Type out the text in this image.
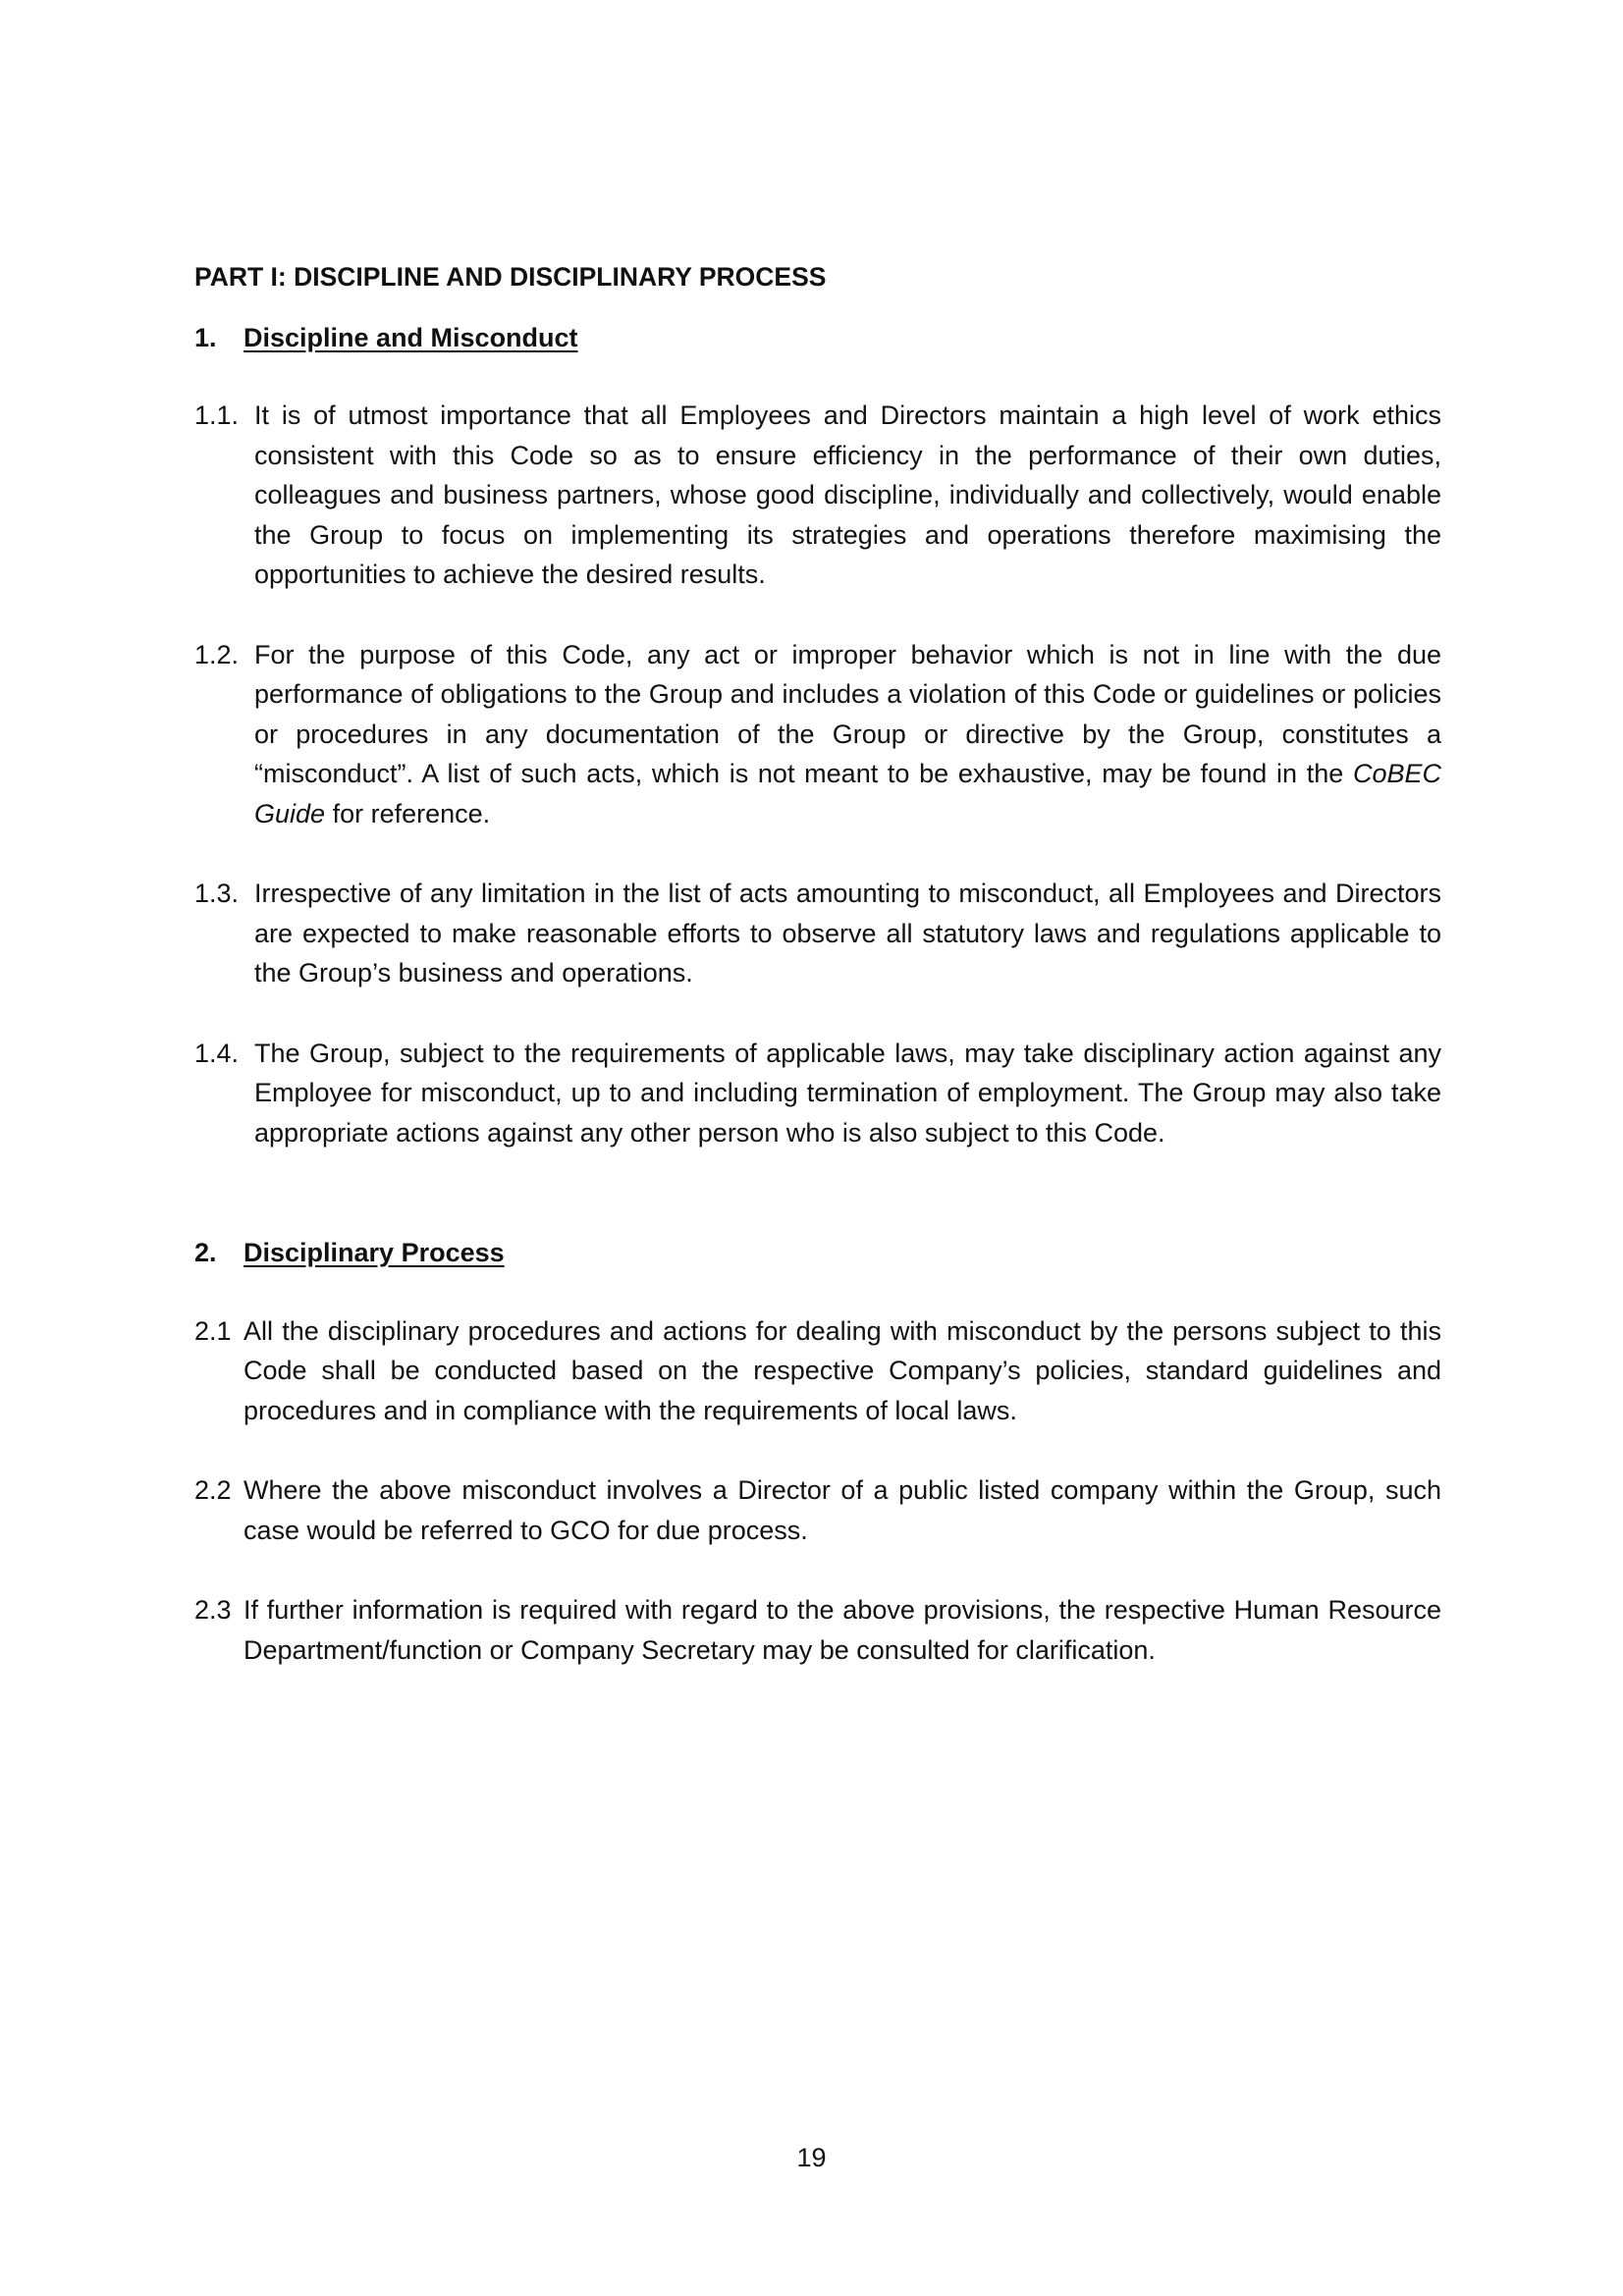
PART I: DISCIPLINE AND DISCIPLINARY PROCESS
1.	Discipline and Misconduct
1.1. It is of utmost importance that all Employees and Directors maintain a high level of work ethics consistent with this Code so as to ensure efficiency in the performance of their own duties, colleagues and business partners, whose good discipline, individually and collectively, would enable the Group to focus on implementing its strategies and operations therefore maximising the opportunities to achieve the desired results.
1.2. For the purpose of this Code, any act or improper behavior which is not in line with the due performance of obligations to the Group and includes a violation of this Code or guidelines or policies or procedures in any documentation of the Group or directive by the Group, constitutes a “misconduct”. A list of such acts, which is not meant to be exhaustive, may be found in the CoBEC Guide for reference.
1.3. Irrespective of any limitation in the list of acts amounting to misconduct, all Employees and Directors are expected to make reasonable efforts to observe all statutory laws and regulations applicable to the Group’s business and operations.
1.4. The Group, subject to the requirements of applicable laws, may take disciplinary action against any Employee for misconduct, up to and including termination of employment. The Group may also take appropriate actions against any other person who is also subject to this Code.
2.	Disciplinary Process
2.1 All the disciplinary procedures and actions for dealing with misconduct by the persons subject to this Code shall be conducted based on the respective Company’s policies, standard guidelines and procedures and in compliance with the requirements of local laws.
2.2 Where the above misconduct involves a Director of a public listed company within the Group, such case would be referred to GCO for due process.
2.3 If further information is required with regard to the above provisions, the respective Human Resource Department/function or Company Secretary may be consulted for clarification.
19
